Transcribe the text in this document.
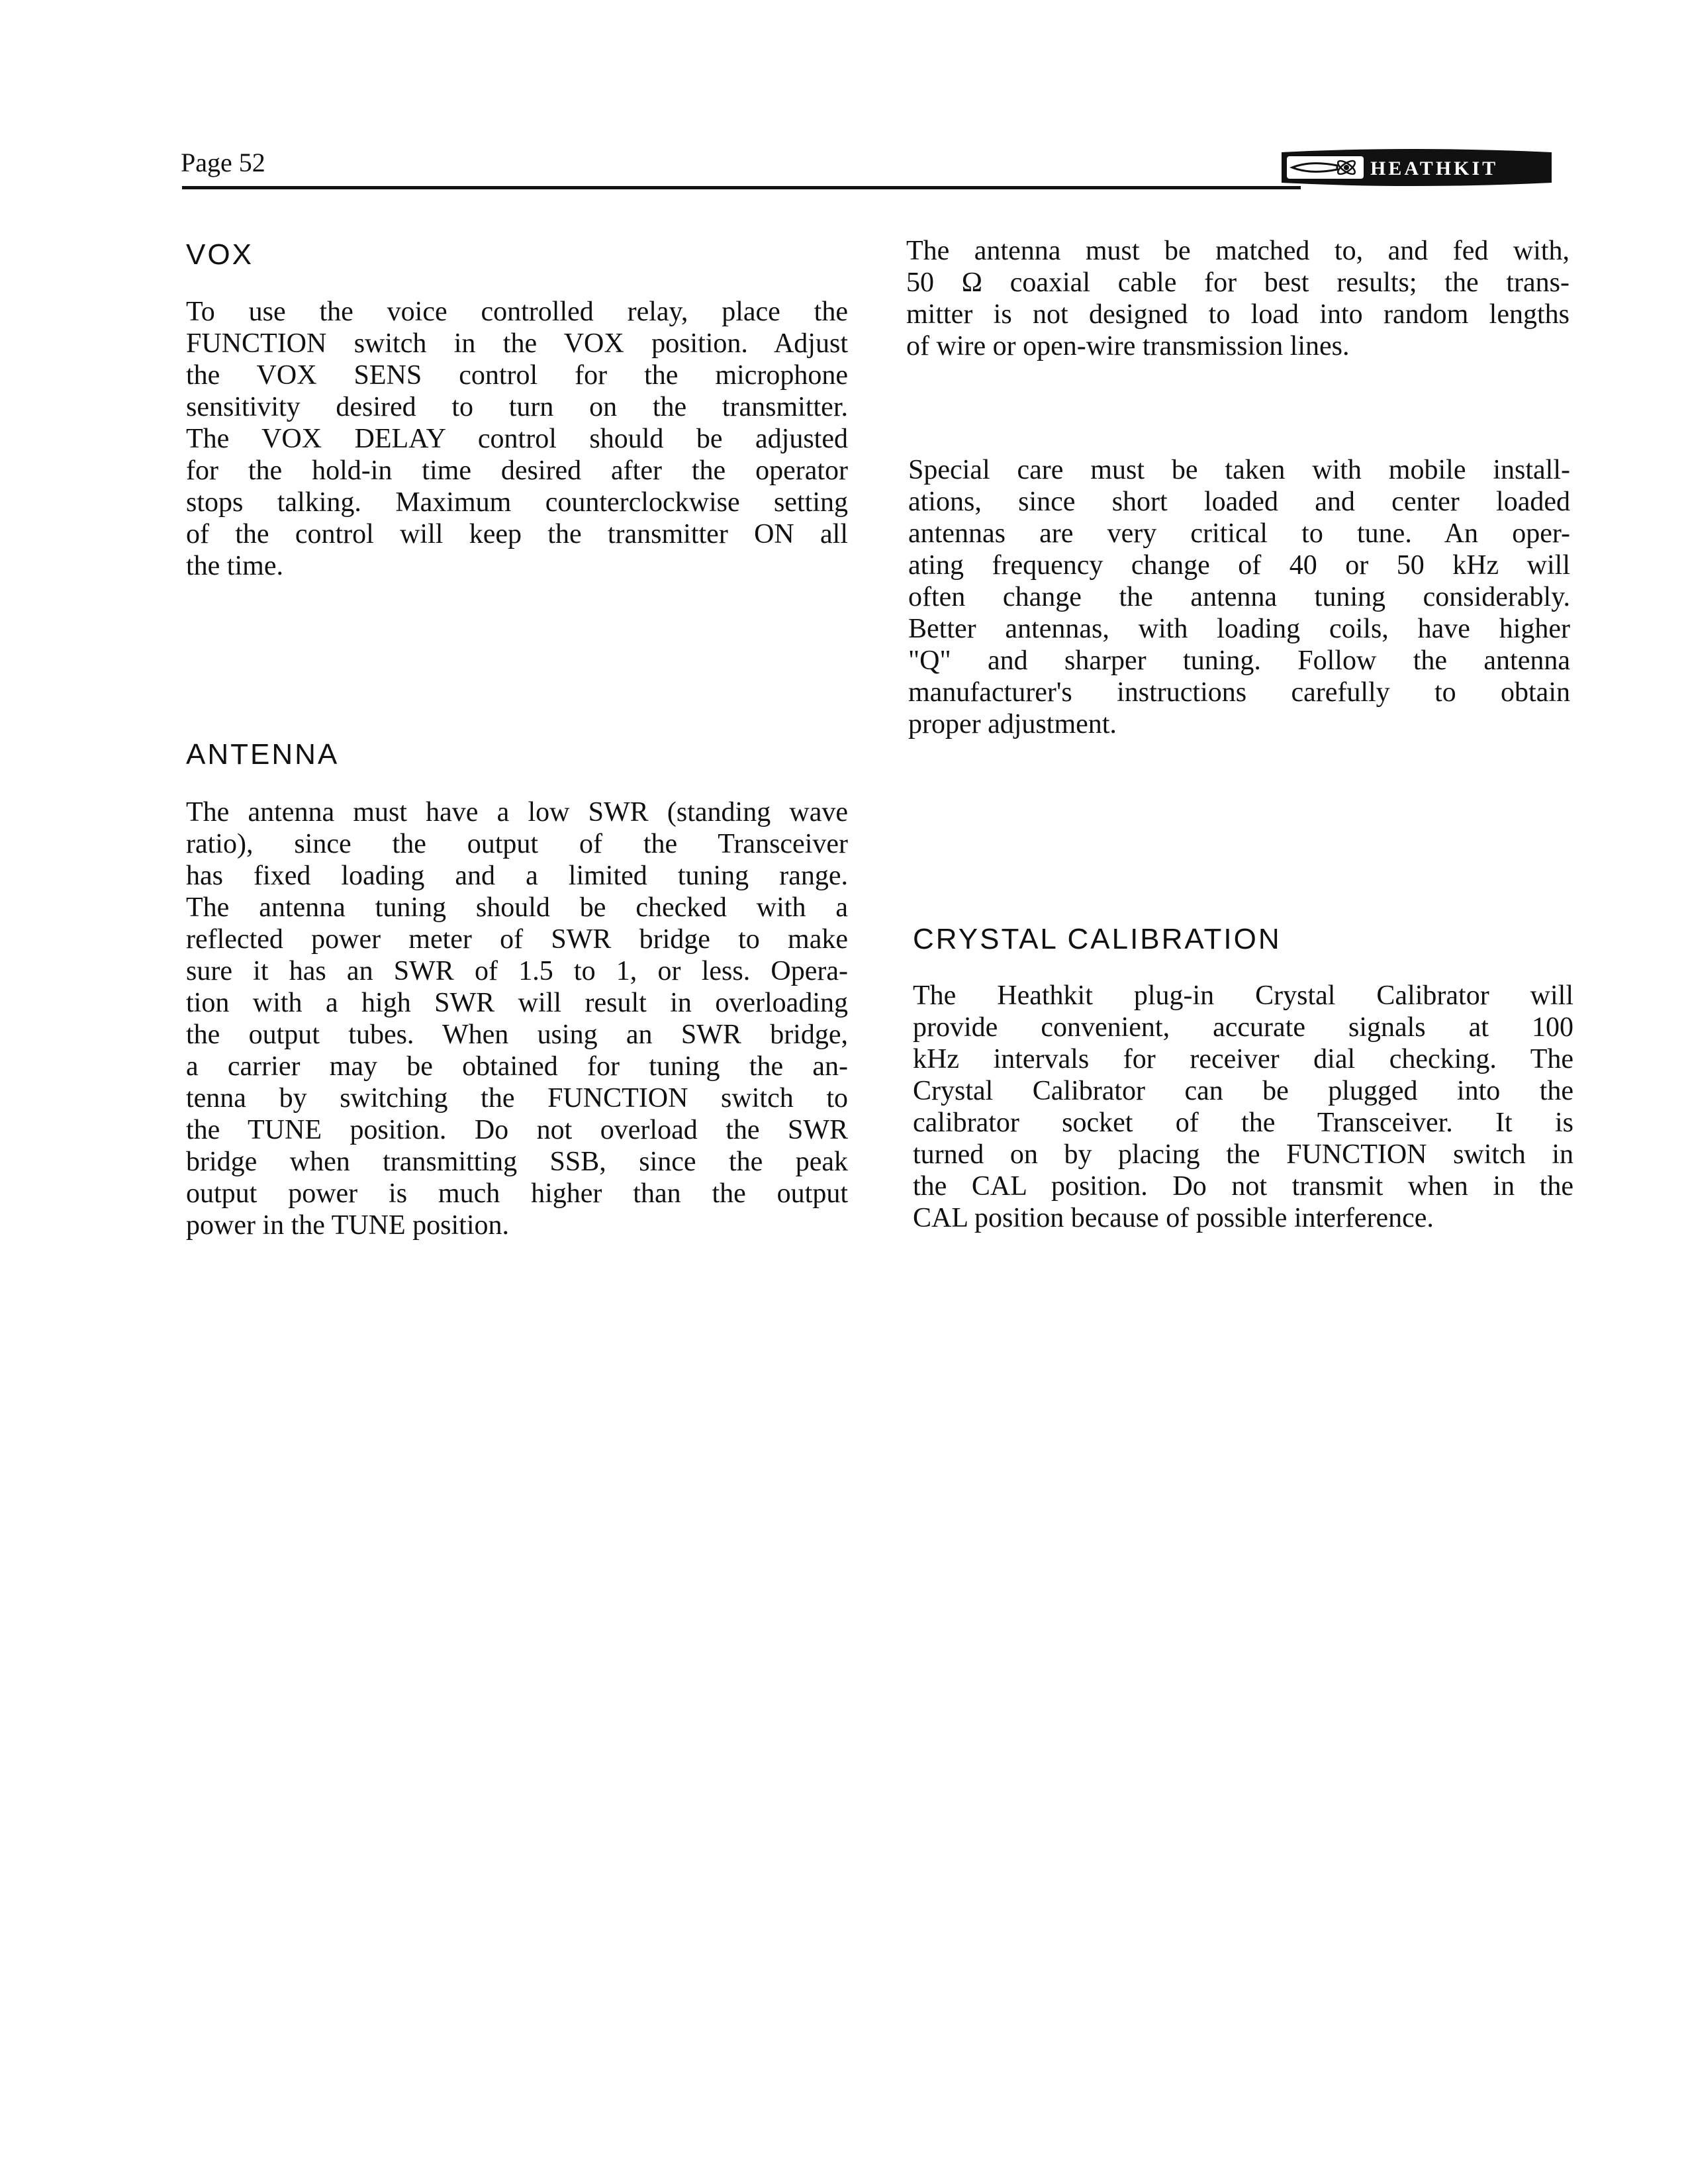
Page 52	HEATHKIT
VOX
To use the voice controlled relay, place the
FUNCTION switch in the VOX position. Adjust
the VOX SENS control for the microphone
sensitivity desired to turn on the transmitter.
The VOX DELAY control should be adjusted
for the hold-in time desired after the operator
stops talking. Maximum counterclockwise setting
of the control will keep the transmitter ON all
the time.
ANTENNA
The antenna must have a low SWR (standing wave
ratio), since the output of the Transceiver
has fixed loading and a limited tuning range.
The antenna tuning should be checked with a
reflected power meter of SWR bridge to make
sure it has an SWR of 1.5 to 1, or less. Opera-
tion with a high SWR will result in overloading
the output tubes. When using an SWR bridge,
a carrier may be obtained for tuning the an-
tenna by switching the FUNCTION switch to
the TUNE position. Do not overload the SWR
bridge when transmitting SSB, since the peak
output power is much higher than the output
power in the TUNE position.
The antenna must be matched to, and fed with,
50 Ω coaxial cable for best results; the trans-
mitter is not designed to load into random lengths
of wire or open-wire transmission lines.
Special care must be taken with mobile install-
ations, since short loaded and center loaded
antennas are very critical to tune. An oper-
ating frequency change of 40 or 50 kHz will
often change the antenna tuning considerably.
Better antennas, with loading coils, have higher
"Q" and sharper tuning. Follow the antenna
manufacturer's instructions carefully to obtain
proper adjustment.
CRYSTAL CALIBRATION
The Heathkit plug-in Crystal Calibrator will
provide convenient, accurate signals at 100
kHz intervals for receiver dial checking. The
Crystal Calibrator can be plugged into the
calibrator socket of the Transceiver. It is
turned on by placing the FUNCTION switch in
the CAL position. Do not transmit when in the
CAL position because of possible interference.
